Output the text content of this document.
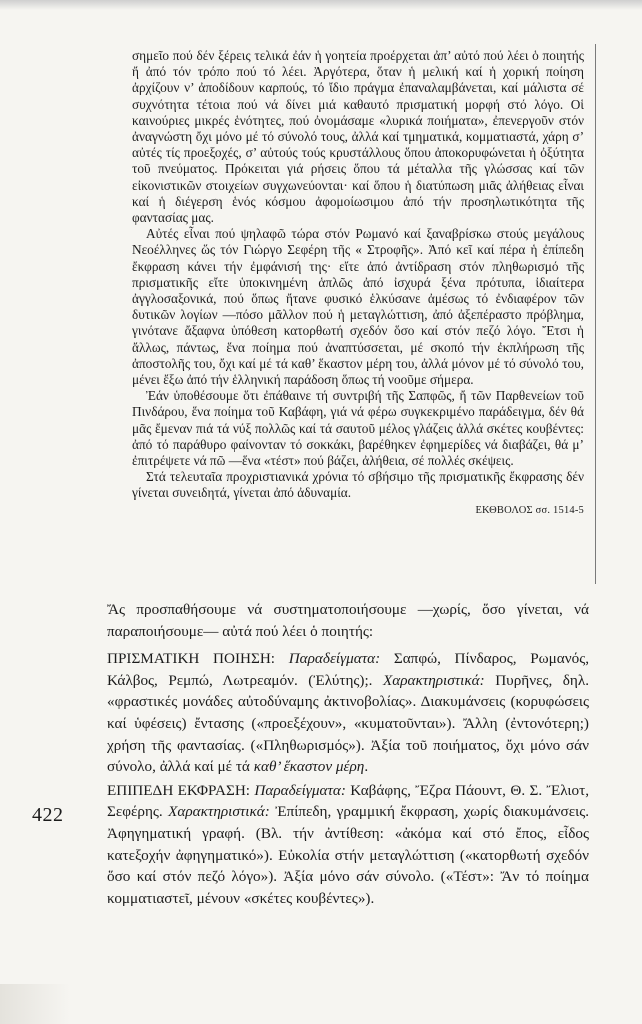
σημεῖο πού δέν ξέρεις τελικά ἐάν ἡ γοητεία προέρχεται ἀπ’ αὐτό πού λέει ὁ ποιητής ἤ ἀπό τόν τρόπο πού τό λέει. Ἀργότερα, ὅταν ἡ μελική καί ἡ χορική ποίηση ἀρχίζουν ν’ ἀποδίδουν καρπούς, τό ἴδιο πράγμα ἐπαναλαμβάνεται, καί μάλιστα σέ συχνότητα τέτοια πού νά δίνει μιά καθαυτό πρισματική μορφή στό λόγο. Οἱ καινούριες μικρές ἑνότητες, πού ὀνομάσαμε «λυρικά ποιήματα», ἐπενεργοῦν στόν ἀναγνώστη ὄχι μόνο μέ τό σύνολό τους, ἀλλά καί τμηματικά, κομματιαστά, χάρη σ’ αὐτές τίς προεξοχές, σ’ αὐτούς τούς κρυστάλλους ὅπου ἀποκορυφώνεται ἡ ὀξύτητα τοῦ πνεύματος. Πρόκειται γιά ρήσεις ὅπου τά μέταλλα τῆς γλώσσας καί τῶν εἰκονιστικῶν στοιχείων συγχωνεύονται· καί ὅπου ἡ διατύπωση μιᾶς ἀλήθειας εἶναι καί ἡ διέγερση ἑνός κόσμου ἀφομοίωσιμου ἀπό τήν προσηλωτικότητα τῆς φαντασίας μας.

Αὐτές εἶναι πού ψηλαφῶ τώρα στόν Ρωμανό καί ξαναβρίσκω στούς μεγάλους Νεοέλληνες ὥς τόν Γιώργο Σεφέρη τῆς « Στροφῆς». Ἀπό κεῖ καί πέρα ἡ ἐπίπεδη ἔκφραση κάνει τήν ἐμφάνισή της· εἴτε ἀπό ἀντίδραση στόν πληθωρισμό τῆς πρισματικῆς εἴτε ὑποκινημένη ἁπλῶς ἀπό ἰσχυρά ξένα πρότυπα, ἰδιαίτερα ἀγγλοσαξονικά, πού ὅπως ἤτανε φυσικό ἑλκύσανε ἀμέσως τό ἐνδιαφέρον τῶν δυτικῶν λογίων —πόσο μᾶλλον πού ἡ μεταγλώττιση, ἀπό ἀξεπέραστο πρόβλημα, γινότανε ἄξαφνα ὑπόθεση κατορθωτή σχεδόν ὅσο καί στόν πεζό λόγο. Ἔτσι ἡ ἄλλως, πάντως, ἕνα ποίημα πού ἀναπτύσσεται, μέ σκοπό τήν ἐκπλήρωση τῆς ἀποστολῆς του, ὄχι καί μέ τά καθ’ ἕκαστον μέρη του, ἀλλά μόνον μέ τό σύνολό του, μένει ἔξω ἀπό τήν ἑλληνική παράδοση ὅπως τή νοοῦμε σήμερα.

Ἐάν ὑποθέσουμε ὅτι ἐπάθαινε τή συντριβή τῆς Σαπφῶς, ἤ τῶν Παρθενείων τοῦ Πινδάρου, ἕνα ποίημα τοῦ Καβάφη, γιά νά φέρω συγκεκριμένο παράδειγμα, δέν θά μᾶς ἔμεναν πιά τά νύξ πολλῶς καί τά σαυτοῦ μέλος γλάζεις ἀλλά σκέτες κουβέντες: ἀπό τό παράθυρο φαίνονταν τό σοκκάκι, βαρέθηκεν ἐφημερίδες νά διαβάζει, θά μ’ ἐπιτρέψετε νά πῶ —ἕνα «τέστ» πού βάζει, ἀλήθεια, σέ πολλές σκέψεις.

Στά τελευταῖα προχριστιανικά χρόνια τό σβήσιμο τῆς πρισματικῆς ἔκφρασης δέν γίνεται συνειδητά, γίνεται ἀπό ἀδυναμία.

ΕΚΘΒΟΛΟΣ σσ. 1514-5

Ἄς προσπαθήσουμε νά συστηματοποιήσουμε —χωρίς, ὅσο γίνεται, νά παραποιήσουμε— αὐτά πού λέει ὁ ποιητής:

ΠΡΙΣΜΑΤΙΚΗ ΠΟΙΗΣΗ: Παραδείγματα: Σαπφώ, Πίνδαρος, Ρωμανός, Κάλβος, Ρεμπώ, Λωτρεαμόν. (Ἐλύτης);. Χαρακτηριστικά: Πυρῆνες, δηλ. «φραστικές μονάδες αὐτοδύναμης ἀκτινοβολίας». Διακυμάνσεις (κορυφώσεις καί ὑφέσεις) ἔντασης («προεξέχουν», «κυματοῦνται»). Ἄλλη (ἐντονότερη;) χρήση τῆς φαντασίας. («Πληθωρισμός»). Ἀξία τοῦ ποιήματος, ὄχι μόνο σάν σύνολο, ἀλλά καί μέ τά καθ’ ἕκαστον μέρη.

ΕΠΙΠΕΔΗ ΕΚΦΡΑΣΗ: Παραδείγματα: Καβάφης, Ἔζρα Πάουντ, Θ. Σ. Ἔλιοτ, Σεφέρης. Χαρακτηριστικά: Ἐπίπεδη, γραμμική ἔκφραση, χωρίς διακυμάνσεις. Ἀφηγηματική γραφή. (Βλ. τήν ἀντίθεση: «ἀκόμα καί στό ἔπος, εἶδος κατεξοχήν ἀφηγηματικό»). Εὐκολία στήν μεταγλώττιση («κατορθωτή σχεδόν ὅσο καί στόν πεζό λόγο»). Ἀξία μόνο σάν σύνολο. («Τέστ»: Ἄν τό ποίημα κομματιαστεῖ, μένουν «σκέτες κουβέντες»).

422
